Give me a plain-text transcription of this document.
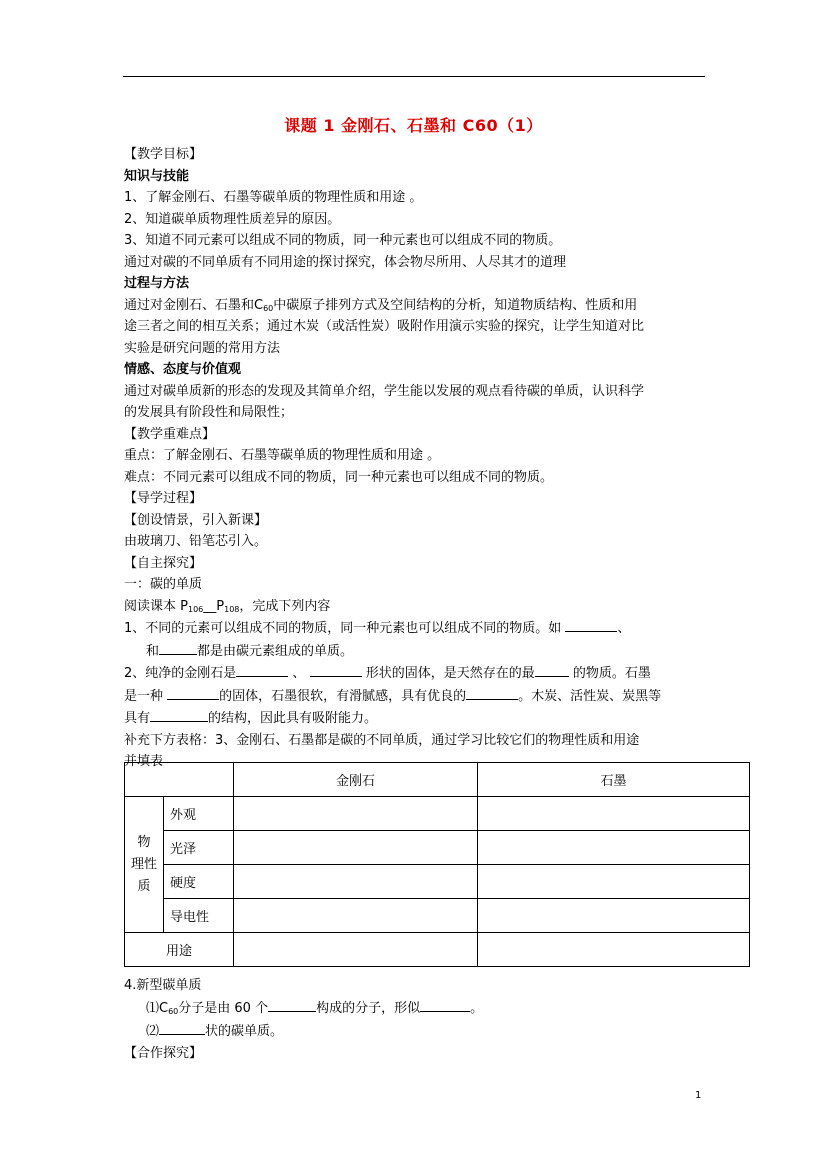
课题 1 金刚石、石墨和 C60（1）
【教学目标】
知识与技能
1、了解金刚石、石墨等碳单质的物理性质和用途 。
2、知道碳单质物理性质差异的原因。
3、知道不同元素可以组成不同的物质，同一种元素也可以组成不同的物质。
通过对碳的不同单质有不同用途的探讨探究，体会物尽所用、人尽其才的道理
过程与方法
通过对金刚石、石墨和$C_{60}$中碳原子排列方式及空间结构的分析，知道物质结构、性质和用
途三者之间的相互关系；通过木炭（或活性炭）吸附作用演示实验的探究，让学生知道对比
实验是研究问题的常用方法
情感、态度与价值观
通过对碳单质新的形态的发现及其简单介绍，学生能以发展的观点看待碳的单质，认识科学
的发展具有阶段性和局限性；
【教学重难点】
重点：了解金刚石、石墨等碳单质的物理性质和用途 。
难点：不同元素可以组成不同的物质，同一种元素也可以组成不同的物质。
【导学过程】
【创设情景，引入新课】
由玻璃刀、铅笔芯引入。
【自主探究】
一：碳的单质
阅读课本 $P_{106}\_\_P_{108}$，完成下列内容
1、不同的元素可以组成不同的物质，同一种元素也可以组成不同的物质。如	、
和	都是由碳元素组成的单质。
2、纯净的金刚石是	、	形状的固体，是天然存在的最	的物质。石墨
是一种	的固体，石墨很软，有滑腻感，具有优良的	。木炭、活性炭、炭黑等
具有	的结构，因此具有吸附能力。
补充下方表格：3、金刚石、石墨都是碳的不同单质，通过学习比较它们的物理性质和用途
并填表
		金刚石	石墨
物 理性质	外观		
	光泽		
	硬度		
	导电性		
用途			
4.新型碳单质
$⑴C_{60}$分子是由 60 个	构成的分子，形似	。
⑵	状的碳单质。
【合作探究】
1
